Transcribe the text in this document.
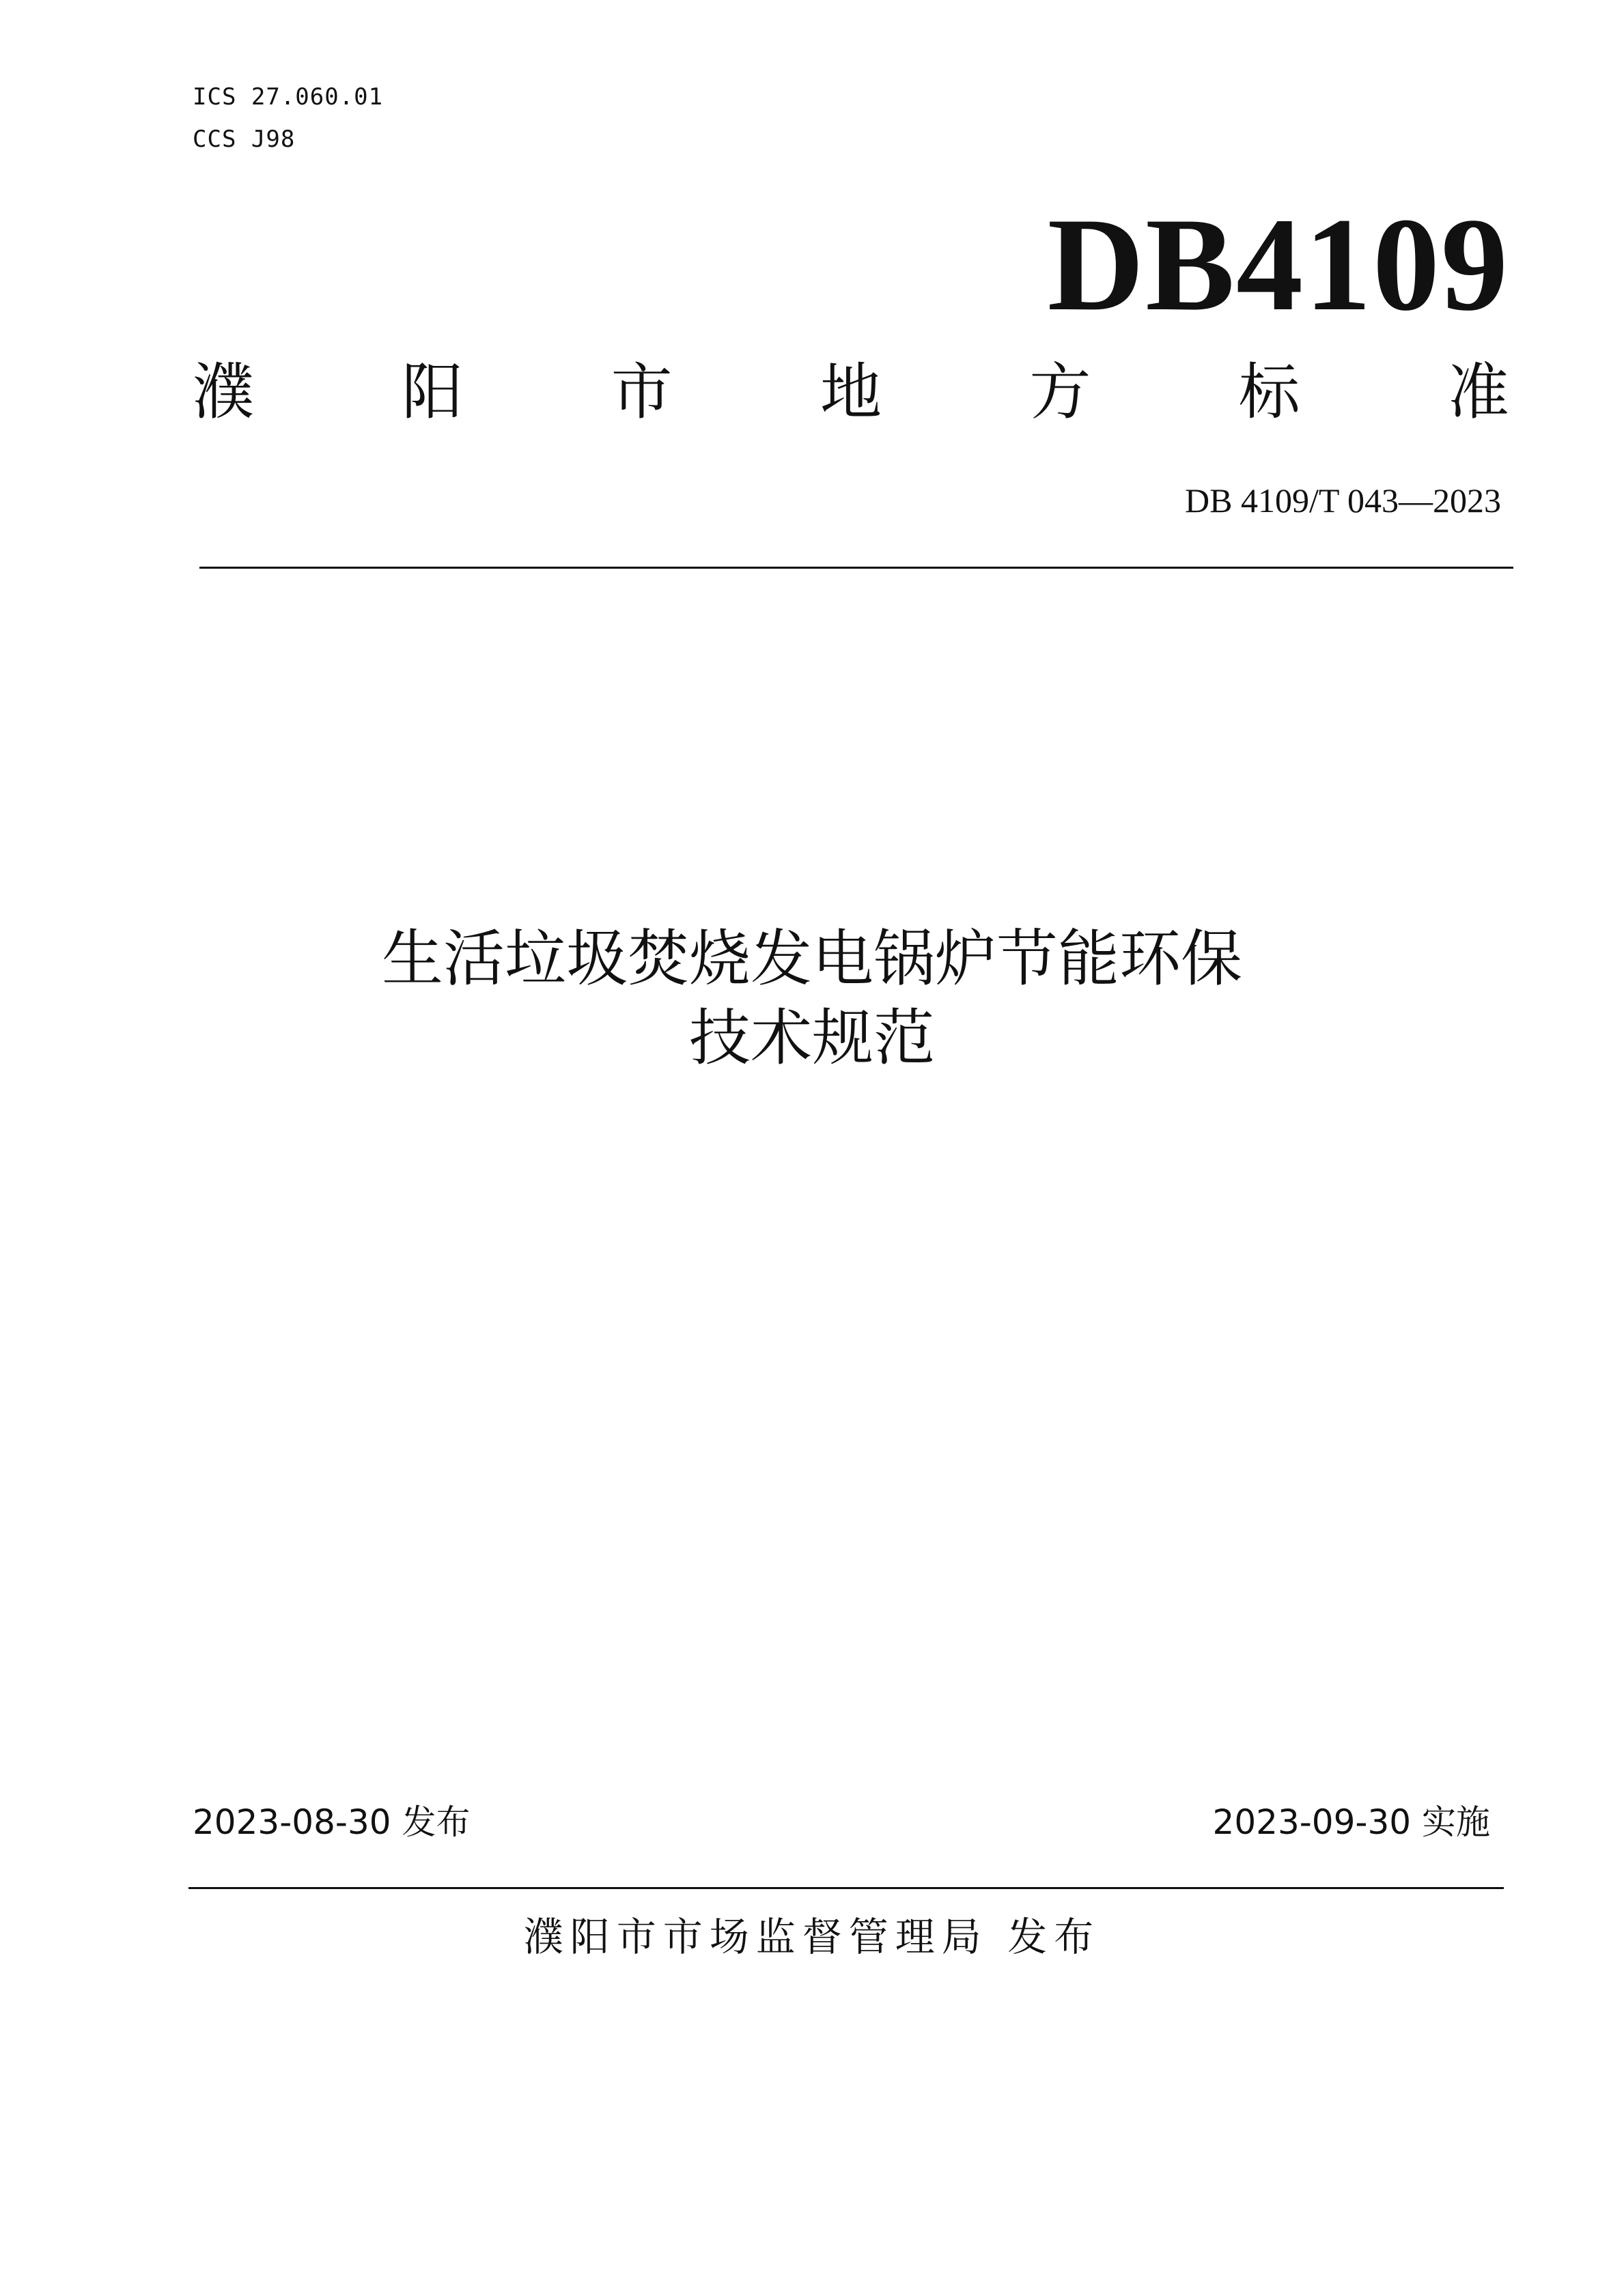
ICS 27.060.01
CCS J98
DB4109
濮 阳 市 地 方 标 准
DB 4109/T 043—2023
生活垃圾焚烧发电锅炉节能环保
技术规范
2023-08-30 发布	2023-09-30 实施
濮阳市市场监督管理局 发布
